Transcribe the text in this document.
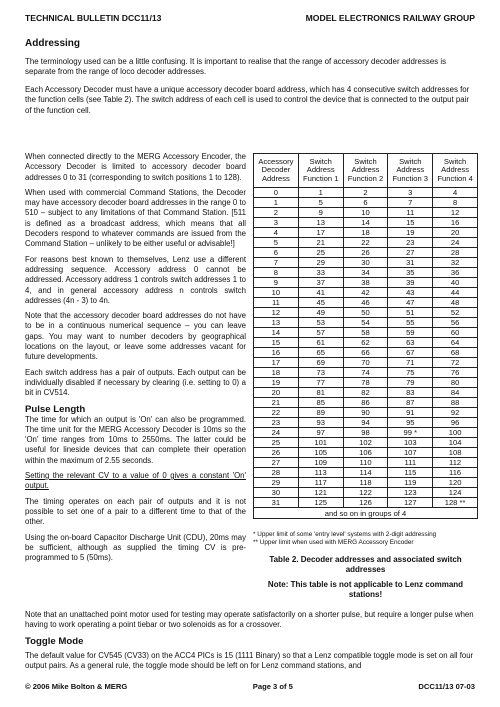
TECHNICAL BULLETIN DCC11/13	MODEL ELECTRONICS RAILWAY GROUP
Addressing
The terminology used can be a little confusing. It is important to realise that the range of accessory decoder addresses is separate from the range of loco decoder addresses.
Each Accessory Decoder must have a unique accessory decoder board address, which has 4 consecutive switch addresses for the function cells (see Table 2). The switch address of each cell is used to control the device that is connected to the output pair of the function cell.

When connected directly to the MERG Accessory Encoder, the Accessory Decoder is limited to accessory decoder board addresses 0 to 31 (corresponding to switch positions 1 to 128).

When used with commercial Command Stations, the Decoder may have accessory decoder board addresses in the range 0 to 510 – subject to any limitations of that Command Station. [511 is defined as a broadcast address, which means that all Decoders respond to whatever commands are issued from the Command Station – unlikely to be either useful or advisable!]

For reasons best known to themselves, Lenz use a different addressing sequence. Accessory address 0 cannot be addressed. Accessory address 1 controls switch addresses 1 to 4, and in general accessory address n controls switch addresses (4n - 3) to 4n.

Note that the accessory decoder board addresses do not have to be in a continuous numerical sequence – you can leave gaps. You may want to number decoders by geographical locations on the layout, or leave some addresses vacant for future developments.

Each switch address has a pair of outputs. Each output can be individually disabled if necessary by clearing (i.e. setting to 0) a bit in CV514.

Pulse Length

The time for which an output is 'On' can also be programmed. The time unit for the MERG Accessory Decoder is 10ms so the 'On' time ranges from 10ms to 2550ms. The latter could be useful for lineside devices that can complete their operation within the maximum of 2.55 seconds.

Setting the relevant CV to a value of 0 gives a constant 'On' output.

The timing operates on each pair of outputs and it is not possible to set one of a pair to a different time to that of the other.

Using the on-board Capacitor Discharge Unit (CDU), 20ms may be sufficient, although as supplied the timing CV is pre-programmed to 5 (50ms).

Accessory
Decoder
Address	Switch
Address
Function 1	Switch
Address
Function 2	Switch
Address
Function 3	Switch
Address
Function 4
0	1	2	3	4
1	5	6	7	8
2	9	10	11	12
3	13	14	15	16
4	17	18	19	20
5	21	22	23	24
6	25	26	27	28
7	29	30	31	32
8	33	34	35	36
9	37	38	39	40
10	41	42	43	44
11	45	46	47	48
12	49	50	51	52
13	53	54	55	56
14	57	58	59	60
15	61	62	63	64
16	65	66	67	68
17	69	70	71	72
18	73	74	75	76
19	77	78	79	80
20	81	82	83	84
21	85	86	87	88
22	89	90	91	92
23	93	94	95	96
24	97	98	99 *	100
25	101	102	103	104
26	105	106	107	108
27	109	110	111	112
28	113	114	115	116
29	117	118	119	120
30	121	122	123	124
31	125	126	127	128 **
and so on in groups of 4				
* Upper limit of some 'entry level' systems with 2-digit addressing
** Upper limit when used with MERG Accessory Encoder
Table 2. Decoder addresses and associated switch addresses
Note: This table is not applicable to Lenz command stations!
Note that an unattached point motor used for testing may operate satisfactorily on a shorter pulse, but require a longer pulse when having to work operating a point tiebar or two solenoids as for a crossover.
Toggle Mode
The default value for CV545 (CV33) on the ACC4 PICs is 15 (1111 Binary) so that a Lenz compatible toggle mode is set on all four output pairs. As a general rule, the toggle mode should be left on for Lenz command stations, and
© 2006 Mike Bolton & MERG	Page 3 of 5	DCC11/13 07-03
